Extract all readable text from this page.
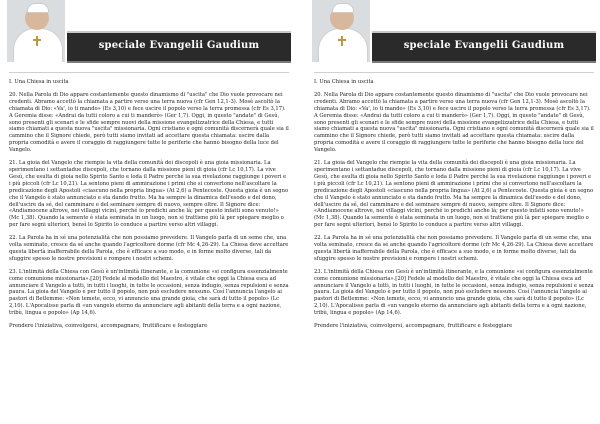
speciale Evangelii Gaudium

I. Una Chiesa in uscita

20. Nella Parola di Dio appare costantemente questo dinamismo di "uscita" che Dio vuole provocare nei credenti. Abramo accettò la chiamata a partire verso una terra nuova (cfr Gen 12,1-3). Mosè ascoltò la chiamata di Dio: «Va', io ti mando» (Es 3,10) e fece uscire il popolo verso la terra promessa (cfr Es 3,17). A Geremia disse: «Andrai da tutti coloro a cui ti manderò» (Ger 1,7). Oggi, in questo "andate" di Gesù, sono presenti gli scenari e le sfide sempre nuovi della missione evangelizzatrice della Chiesa, e tutti siamo chiamati a questa nuova "uscita" missionaria. Ogni cristiano e ogni comunità discernerà quale sia il cammino che il Signore chiede, però tutti siamo invitati ad accettare questa chiamata: uscire dalla propria comodità e avere il coraggio di raggiungere tutte le periferie che hanno bisogno della luce del Vangelo.

21. La gioia del Vangelo che riempie la vita della comunità dei discepoli è una gioia missionaria. La sperimentano i settantadue discepoli, che tornano dalla missione pieni di gioia (cfr Lc 10,17). La vive Gesù, che esulta di gioia nello Spirito Santo e loda il Padre perché la sua rivelazione raggiunge i poveri e i più piccoli (cfr Lc 10,21). La sentono pieni di ammirazione i primi che si convertono nell'ascoltare la predicazione degli Apostoli «ciascuno nella propria lingua» (At 2,6) a Pentecoste. Questa gioia è un segno che il Vangelo è stato annunciato e sta dando frutto. Ma ha sempre la dinamica dell'esodo e del dono, dell'uscire da sé, del camminare e del seminare sempre di nuovo, sempre oltre. Il Signore dice: «Andiamocene altrove, nei villaggi vicini, perché io predichi anche là; per questo infatti sono venuto!» (Mc 1,38). Quando la semente è stata seminata in un luogo, non si trattiene più là per spiegare meglio o per fare segni ulteriori, bensì lo Spirito lo conduce a partire verso altri villaggi.

22. La Parola ha in sé una potenzialità che non possiamo prevedere. Il Vangelo parla di un seme che, una volta seminato, cresce da sé anche quando l'agricoltore dorme (cfr Mc 4,26-29). La Chiesa deve accettare questa libertà inafferrabile della Parola, che è efficace a suo modo, e in forme molto diverse, tali da sfuggire spesso le nostre previsioni e rompere i nostri schemi.

23. L'intimità della Chiesa con Gesù è un'intimità itinerante, e la comunione «si configura essenzialmente come comunione missionaria».[20] Fedele al modello del Maestro, è vitale che oggi la Chiesa esca ad annunciare il Vangelo a tutti, in tutti i luoghi, in tutte le occasioni, senza indugio, senza repulsioni e senza paura. La gioia del Vangelo è per tutto il popolo, non può escludere nessuno. Così l'annuncia l'angelo ai pastori di Betlemme: «Non temete, ecco, vi annuncio una grande gioia, che sarà di tutto il popolo» (Lc 2,10). L'Apocalisse parla di «un vangelo eterno da annunciare agli abitanti della terra e a ogni nazione, tribù, lingua e popolo» (Ap 14,6).

Prendere l'iniziativa, coinvolgersi, accompagnare, fruttificare e festeggiare

speciale Evangelii Gaudium

I. Una Chiesa in uscita

20. Nella Parola di Dio appare costantemente questo dinamismo di "uscita" che Dio vuole provocare nei credenti. Abramo accettò la chiamata a partire verso una terra nuova (cfr Gen 12,1-3). Mosè ascoltò la chiamata di Dio: «Va', io ti mando» (Es 3,10) e fece uscire il popolo verso la terra promessa (cfr Es 3,17). A Geremia disse: «Andrai da tutti coloro a cui ti manderò» (Ger 1,7). Oggi, in questo "andate" di Gesù, sono presenti gli scenari e le sfide sempre nuovi della missione evangelizzatrice della Chiesa, e tutti siamo chiamati a questa nuova "uscita" missionaria. Ogni cristiano e ogni comunità discernerà quale sia il cammino che il Signore chiede, però tutti siamo invitati ad accettare questa chiamata: uscire dalla propria comodità e avere il coraggio di raggiungere tutte le periferie che hanno bisogno della luce del Vangelo.

21. La gioia del Vangelo che riempie la vita della comunità dei discepoli è una gioia missionaria. La sperimentano i settantadue discepoli, che tornano dalla missione pieni di gioia (cfr Lc 10,17). La vive Gesù, che esulta di gioia nello Spirito Santo e loda il Padre perché la sua rivelazione raggiunge i poveri e i più piccoli (cfr Lc 10,21). La sentono pieni di ammirazione i primi che si convertono nell'ascoltare la predicazione degli Apostoli «ciascuno nella propria lingua» (At 2,6) a Pentecoste. Questa gioia è un segno che il Vangelo è stato annunciato e sta dando frutto. Ma ha sempre la dinamica dell'esodo e del dono, dell'uscire da sé, del camminare e del seminare sempre di nuovo, sempre oltre. Il Signore dice: «Andiamocene altrove, nei villaggi vicini, perché io predichi anche là; per questo infatti sono venuto!» (Mc 1,38). Quando la semente è stata seminata in un luogo, non si trattiene più là per spiegare meglio o per fare segni ulteriori, bensì lo Spirito lo conduce a partire verso altri villaggi.

22. La Parola ha in sé una potenzialità che non possiamo prevedere. Il Vangelo parla di un seme che, una volta seminato, cresce da sé anche quando l'agricoltore dorme (cfr Mc 4,26-29). La Chiesa deve accettare questa libertà inafferrabile della Parola, che è efficace a suo modo, e in forme molto diverse, tali da sfuggire spesso le nostre previsioni e rompere i nostri schemi.

23. L'intimità della Chiesa con Gesù è un'intimità itinerante, e la comunione «si configura essenzialmente come comunione missionaria».[20] Fedele al modello del Maestro, è vitale che oggi la Chiesa esca ad annunciare il Vangelo a tutti, in tutti i luoghi, in tutte le occasioni, senza indugio, senza repulsioni e senza paura. La gioia del Vangelo è per tutto il popolo, non può escludere nessuno. Così l'annuncia l'angelo ai pastori di Betlemme: «Non temete, ecco, vi annuncio una grande gioia, che sarà di tutto il popolo» (Lc 2,10). L'Apocalisse parla di «un vangelo eterno da annunciare agli abitanti della terra e a ogni nazione, tribù, lingua e popolo» (Ap 14,6).

Prendere l'iniziativa, coinvolgersi, accompagnare, fruttificare e festeggiare
